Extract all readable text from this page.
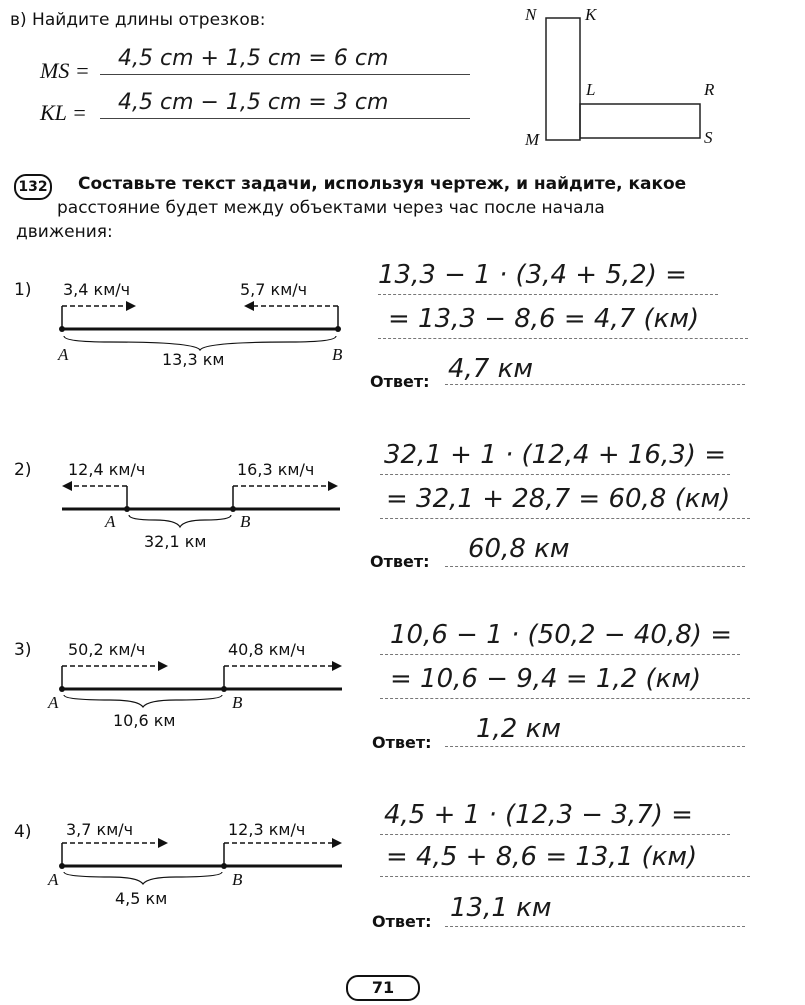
в) Найдите длины отрезков:
MS = 4,5 cm + 1,5 cm = 6 cm
KL = 4,5 cm − 1,5 cm = 3 cm
N	K
L	R
M	S
132 Составьте текст задачи, используя чертеж, и найдите, какое
расстояние будет между объектами через час после начала
движения:
1) 3,4 км/ч	5,7 км/ч
A	B
13,3 км
13,3 − 1 · (3,4 + 5,2) =
= 13,3 − 8,6 = 4,7 (км)
Ответ: 4,7 км
2) 12,4 км/ч	16,3 км/ч
A	B
32,1 км
32,1 + 1 · (12,4 + 16,3) =
= 32,1 + 28,7 = 60,8 (км)
Ответ: 60,8 км
3) 50,2 км/ч	40,8 км/ч
A	B
10,6 км
10,6 − 1 · (50,2 − 40,8) =
= 10,6 − 9,4 = 1,2 (км)
Ответ: 1,2 км
4) 3,7 км/ч	12,3 км/ч
A	B
4,5 км
4,5 + 1 · (12,3 − 3,7) =
= 4,5 + 8,6 = 13,1 (км)
Ответ: 13,1 км
71
